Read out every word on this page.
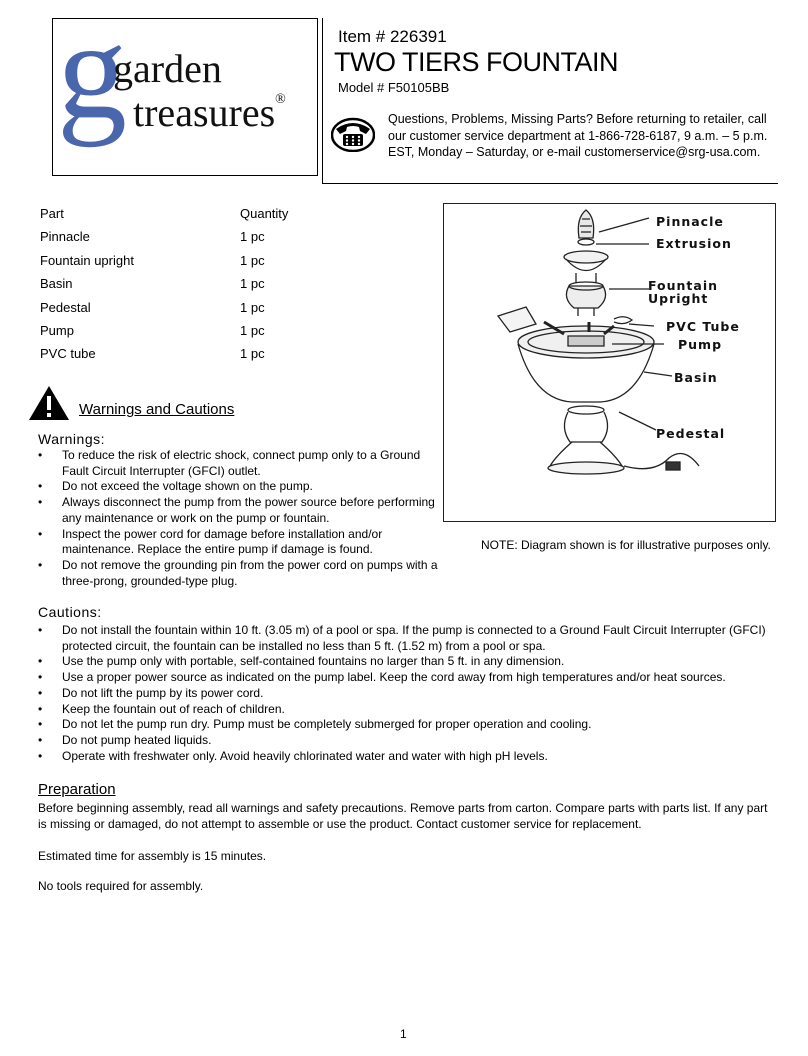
g
garden
treasures®
Item # 226391
TWO TIERS FOUNTAIN
Model # F50105BB
Questions, Problems, Missing Parts? Before returning to retailer, call our customer service department at 1-866-728-6187, 9 a.m. – 5 p.m. EST, Monday – Saturday, or e-mail customerservice@srg-usa.com.
Part	Quantity
Pinnacle	1 pc
Fountain upright	1 pc
Basin	1 pc
Pedestal	1 pc
Pump	1 pc
PVC tube	1 pc
Pinnacle
Extrusion
Fountain
Upright
PVC Tube
Pump
Basin
Pedestal
NOTE: Diagram shown is for illustrative purposes only.
Warnings and Cautions
Warnings:
• To reduce the risk of electric shock, connect pump only to a Ground Fault Circuit Interrupter (GFCI) outlet.
• Do not exceed the voltage shown on the pump.
• Always disconnect the pump from the power source before performing any maintenance or work on the pump or fountain.
• Inspect the power cord for damage before installation and/or maintenance. Replace the entire pump if damage is found.
• Do not remove the grounding pin from the power cord on pumps with a three-prong, grounded-type plug.
Cautions:
• Do not install the fountain within 10 ft. (3.05 m) of a pool or spa. If the pump is connected to a Ground Fault Circuit Interrupter (GFCI) protected circuit, the fountain can be installed no less than 5 ft. (1.52 m) from a pool or spa.
• Use the pump only with portable, self-contained fountains no larger than 5 ft. in any dimension.
• Use a proper power source as indicated on the pump label. Keep the cord away from high temperatures and/or heat sources.
• Do not lift the pump by its power cord.
• Keep the fountain out of reach of children.
• Do not let the pump run dry. Pump must be completely submerged for proper operation and cooling.
• Do not pump heated liquids.
• Operate with freshwater only. Avoid heavily chlorinated water and water with high pH levels.
Preparation
Before beginning assembly, read all warnings and safety precautions. Remove parts from carton. Compare parts with parts list. If any part is missing or damaged, do not attempt to assemble or use the product. Contact customer service for replacement.
Estimated time for assembly is 15 minutes.
No tools required for assembly.
1
